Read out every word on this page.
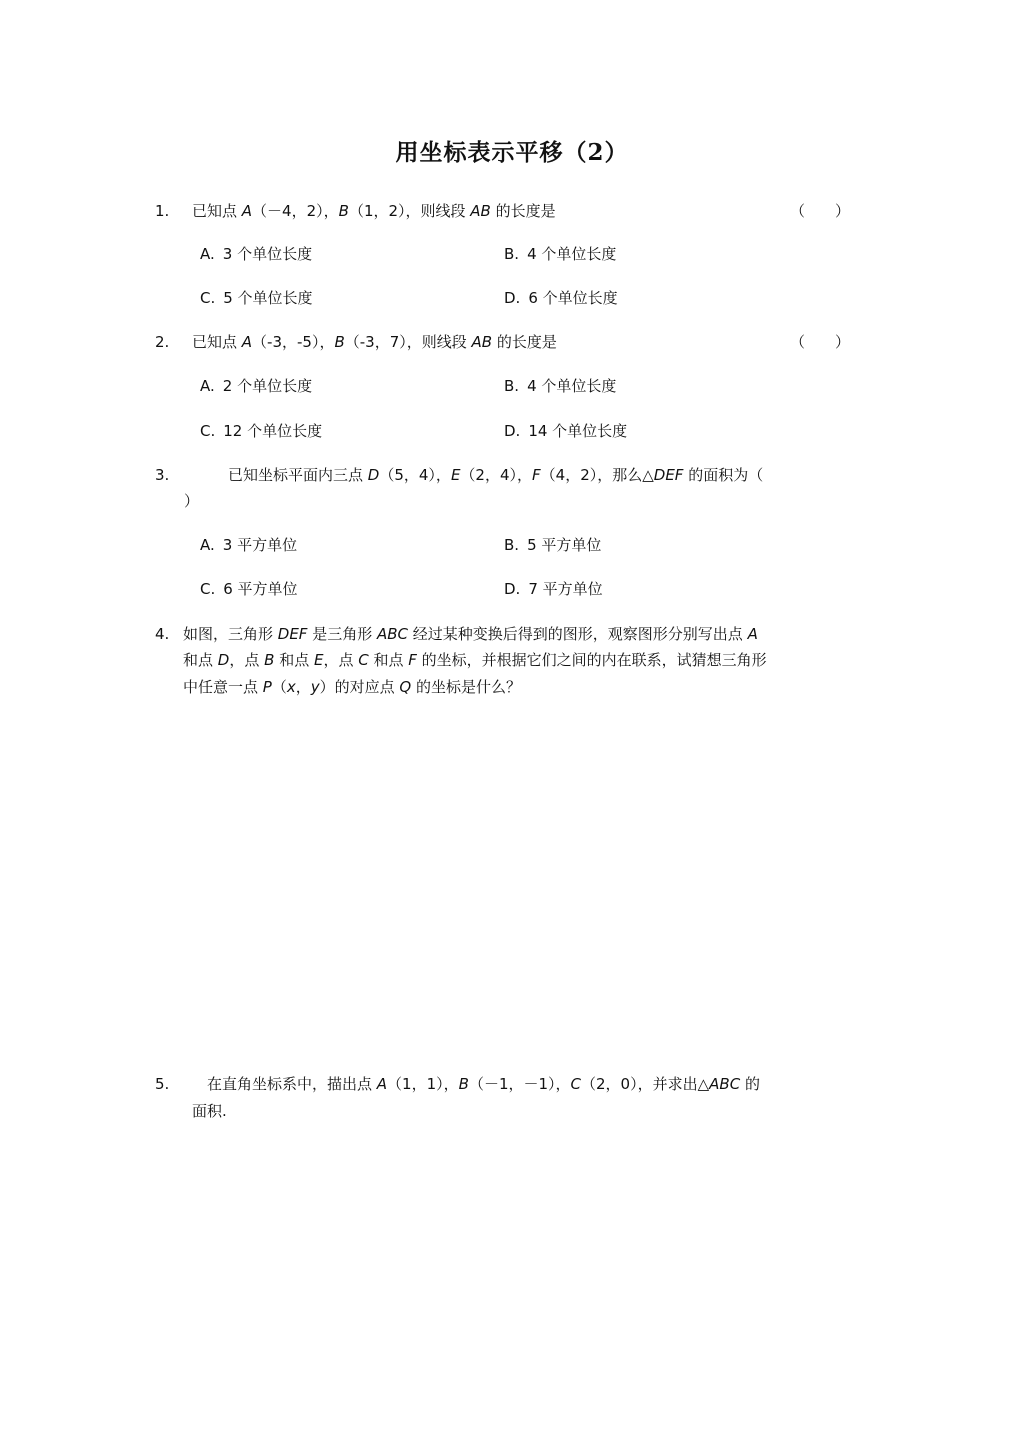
用坐标表示平移（2）
1. 已知点 A（－4，2），B（1，2），则线段 AB 的长度是	（　　）
A. 3 个单位长度	B. 4 个单位长度
C. 5 个单位长度	D. 6 个单位长度
2. 已知点 A（-3，-5），B（-3，7），则线段 AB 的长度是	（　　）
A. 2 个单位长度	B. 4 个单位长度
C. 12 个单位长度	D. 14 个单位长度
3.	已知坐标平面内三点 D（5，4），E（2，4），F（4，2），那么△DEF 的面积为（
）
A. 3 平方单位	B. 5 平方单位
C. 6 平方单位	D. 7 平方单位
4. 如图，三角形 DEF 是三角形 ABC 经过某种变换后得到的图形，观察图形分别写出点 A
和点 D，点 B 和点 E，点 C 和点 F 的坐标，并根据它们之间的内在联系，试猜想三角形
中任意一点 P（x，y）的对应点 Q 的坐标是什么？
5.	在直角坐标系中，描出点 A（1，1），B（－1，－1），C（2，0），并求出△ABC 的
面积.
